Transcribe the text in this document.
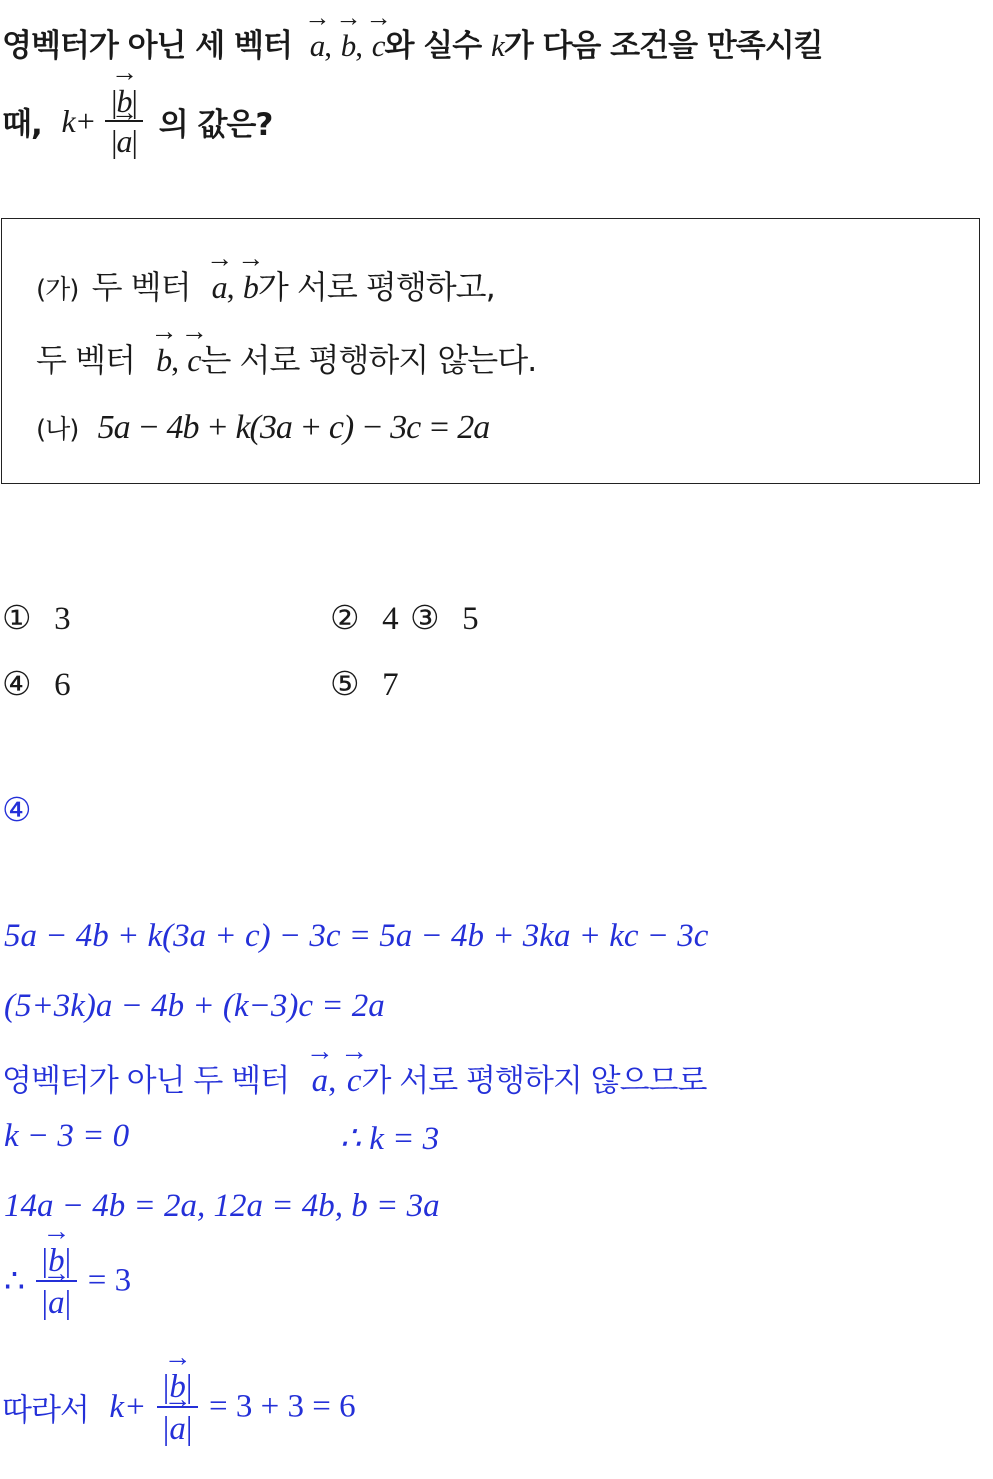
영벡터가 아닌 세 벡터 → a, → b, → c와 실수 k가 다음 조건을 만족시킬
때, $k+ \frac{|\to b|}{|\to a|}$ 의 값은?
(가) 두 벡터 → a, → b가 서로 평행하고,
두 벡터 → b, → c는 서로 평행하지 않는다.
(나) 5a − 4b + k(3a + c) − 3c = 2a
① 3	② 4 ③ 5
④ 6	⑤ 7
④
5a − 4b + k(3a + c) − 3c = 5a − 4b + 3ka + kc − 3c
(5+3k)a − 4b + (k−3)c = 2a
영벡터가 아닌 두 벡터 → a, → c가 서로 평행하지 않으므로
k − 3 = 0	∴ k = 3
14a − 4b = 2a, 12a = 4b, b = 3a
∴ $\frac{|\to b|}{|\to a|} = 3$
따라서 $k+ \frac{|\to b|}{|\to a|} = 3 + 3 = 6$
